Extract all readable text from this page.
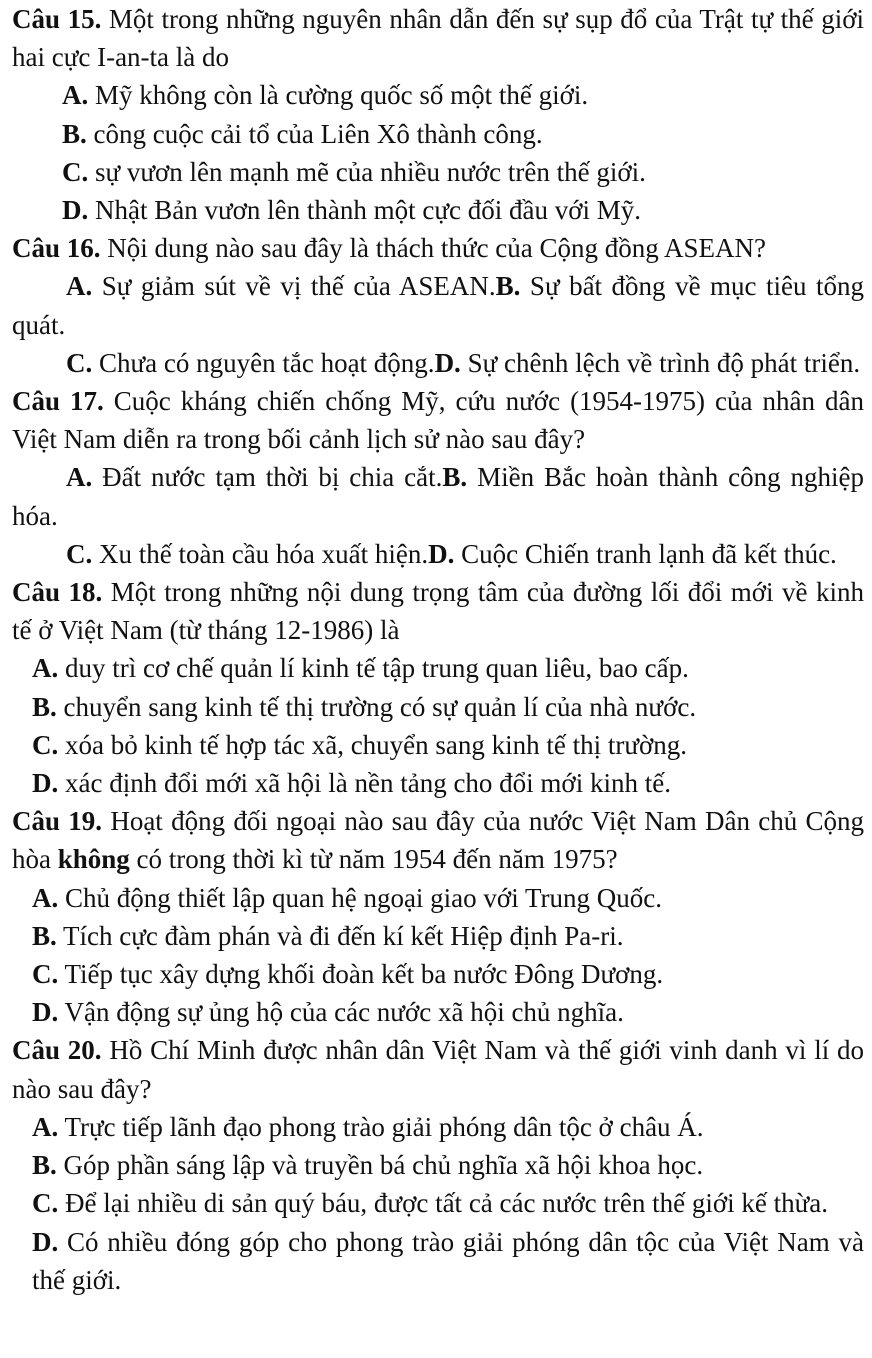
Câu 15. Một trong những nguyên nhân dẫn đến sự sụp đổ của Trật tự thế giới hai cực I-an-ta là do
A. Mỹ không còn là cường quốc số một thế giới.
B. công cuộc cải tổ của Liên Xô thành công.
C. sự vươn lên mạnh mẽ của nhiều nước trên thế giới.
D. Nhật Bản vươn lên thành một cực đối đầu với Mỹ.
Câu 16. Nội dung nào sau đây là thách thức của Cộng đồng ASEAN?
A. Sự giảm sút về vị thế của ASEAN.B. Sự bất đồng về mục tiêu tổng quát.
C. Chưa có nguyên tắc hoạt động.D. Sự chênh lệch về trình độ phát triển.
Câu 17. Cuộc kháng chiến chống Mỹ, cứu nước (1954-1975) của nhân dân Việt Nam diễn ra trong bối cảnh lịch sử nào sau đây?
A. Đất nước tạm thời bị chia cắt.B. Miền Bắc hoàn thành công nghiệp hóa.
C. Xu thế toàn cầu hóa xuất hiện.D. Cuộc Chiến tranh lạnh đã kết thúc.
Câu 18. Một trong những nội dung trọng tâm của đường lối đổi mới về kinh tế ở Việt Nam (từ tháng 12-1986) là
A. duy trì cơ chế quản lí kinh tế tập trung quan liêu, bao cấp.
B. chuyển sang kinh tế thị trường có sự quản lí của nhà nước.
C. xóa bỏ kinh tế hợp tác xã, chuyển sang kinh tế thị trường.
D. xác định đổi mới xã hội là nền tảng cho đổi mới kinh tế.
Câu 19. Hoạt động đối ngoại nào sau đây của nước Việt Nam Dân chủ Cộng hòa không có trong thời kì từ năm 1954 đến năm 1975?
A. Chủ động thiết lập quan hệ ngoại giao với Trung Quốc.
B. Tích cực đàm phán và đi đến kí kết Hiệp định Pa-ri.
C. Tiếp tục xây dựng khối đoàn kết ba nước Đông Dương.
D. Vận động sự ủng hộ của các nước xã hội chủ nghĩa.
Câu 20. Hồ Chí Minh được nhân dân Việt Nam và thế giới vinh danh vì lí do nào sau đây?
A. Trực tiếp lãnh đạo phong trào giải phóng dân tộc ở châu Á.
B. Góp phần sáng lập và truyền bá chủ nghĩa xã hội khoa học.
C. Để lại nhiều di sản quý báu, được tất cả các nước trên thế giới kế thừa.
D. Có nhiều đóng góp cho phong trào giải phóng dân tộc của Việt Nam và thế giới.
